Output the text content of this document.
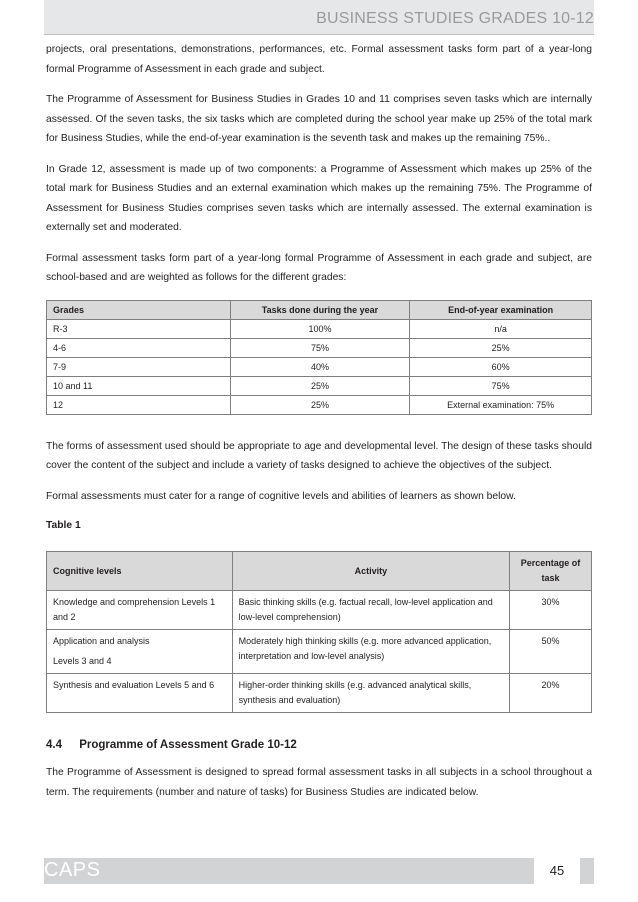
BUSINESS STUDIES GRADES 10-12

projects, oral presentations, demonstrations, performances, etc. Formal assessment tasks form part of a year-long formal Programme of Assessment in each grade and subject.

The Programme of Assessment for Business Studies in Grades 10 and 11 comprises seven tasks which are internally assessed. Of the seven tasks, the six tasks which are completed during the school year make up 25% of the total mark for Business Studies, while the end-of-year examination is the seventh task and makes up the remaining 75%..

In Grade 12, assessment is made up of two components: a Programme of Assessment which makes up 25% of the total mark for Business Studies and an external examination which makes up the remaining 75%. The Programme of Assessment for Business Studies comprises seven tasks which are internally assessed. The external examination is externally set and moderated.

Formal assessment tasks form part of a year-long formal Programme of Assessment in each grade and subject, are school-based and are weighted as follows for the different grades:

Grades	Tasks done during the year	End-of-year examination
R-3	100%	n/a
4-6	75%	25%
7-9	40%	60%
10 and 11	25%	75%
12	25%	External examination: 75%

The forms of assessment used should be appropriate to age and developmental level. The design of these tasks should cover the content of the subject and include a variety of tasks designed to achieve the objectives of the subject.

Formal assessments must cater for a range of cognitive levels and abilities of learners as shown below.

Table 1
Cognitive levels	Activity	Percentage of task
Knowledge and comprehension Levels 1 and 2	Basic thinking skills (e.g. factual recall, low-level application and low-level comprehension)	30%

Application and analysis
Levels 3 and 4	Moderately high thinking skills (e.g. more advanced application, interpretation and low-level analysis)	50%
Synthesis and evaluation Levels 5 and 6	Higher-order thinking skills (e.g. advanced analytical skills, synthesis and evaluation)	20%
4.4 Programme of Assessment Grade 10-12

The Programme of Assessment is designed to spread formal assessment tasks in all subjects in a school throughout a term. The requirements (number and nature of tasks) for Business Studies are indicated below.

CAPS	45
